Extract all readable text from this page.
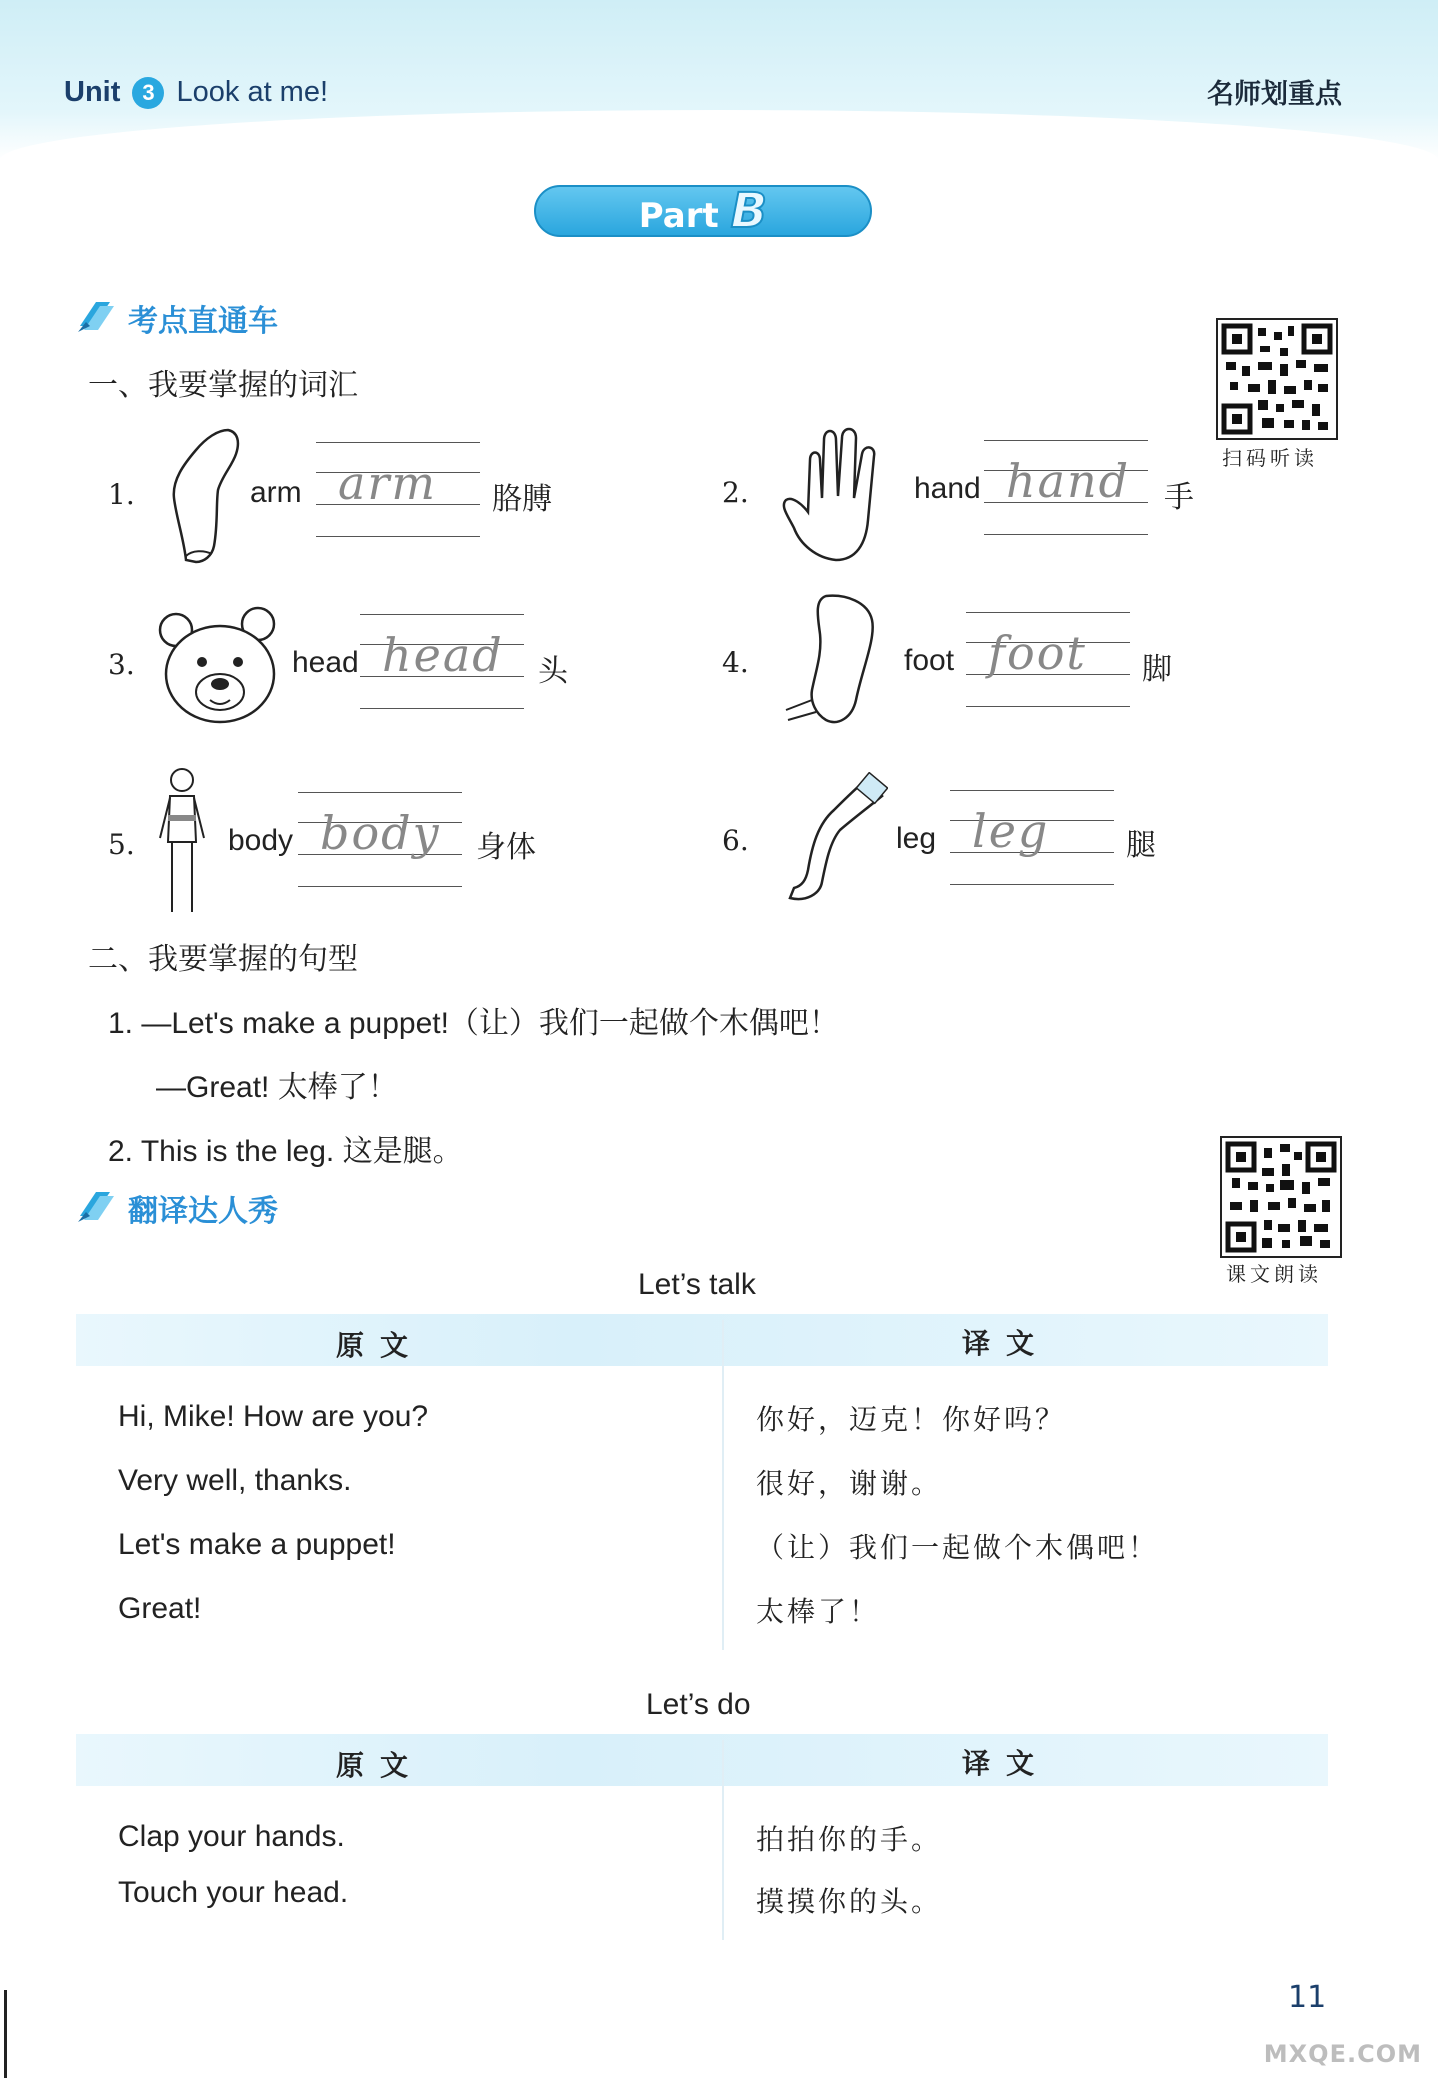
Unit 3 Look at me!	名师划重点
Part B
考点直通车
一、我要掌握的词汇
扫码听读
1.	arm arm 胳膊	2.	hand hand 手
3.	head head 头	4.	foot foot 脚
5.	body body 身体	6.	leg leg	腿
二、我要掌握的句型
1. —Let's make a puppet!（让）我们一起做个木偶吧！
—Great! 太棒了！
2. This is the leg. 这是腿。
翻译达人秀
课文朗读
Let’s talk
原文	译文
Hi, Mike! How are you?	你好，迈克！你好吗？
Very well, thanks.	很好，谢谢。
Let's make a puppet!	（让）我们一起做个木偶吧！
Great!	太棒了！
Let’s do
原文	译文
Clap your hands.	拍拍你的手。
Touch your head.	摸摸你的头。
11
MXQE.COM
